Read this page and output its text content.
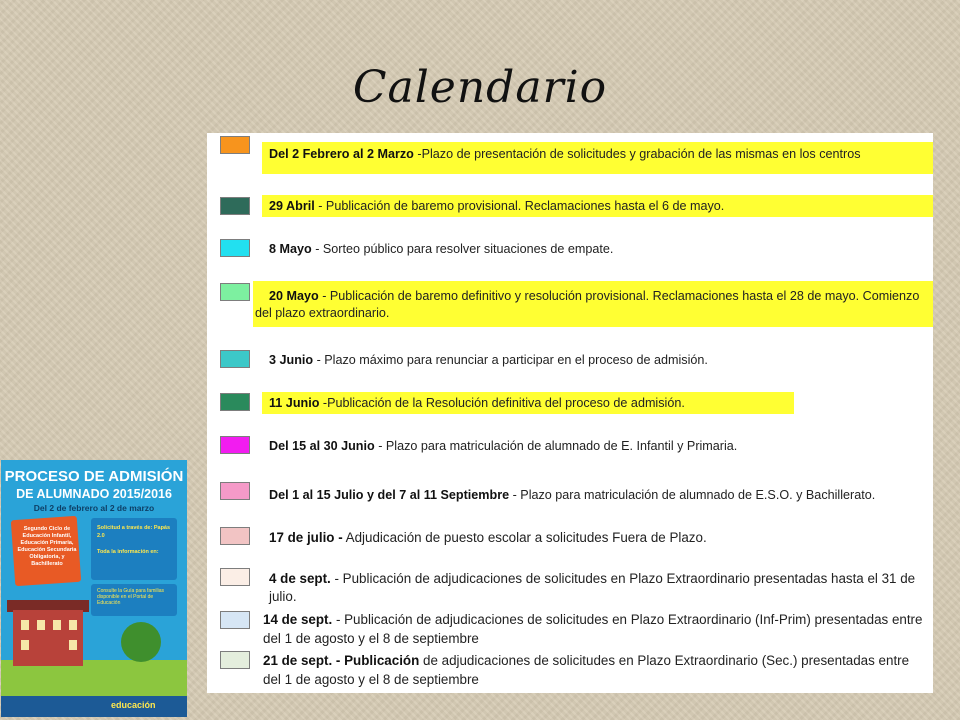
Calendario
Del 2 Febrero al 2 Marzo -Plazo de presentación de solicitudes y grabación de las mismas en los centros
29 Abril - Publicación de baremo provisional. Reclamaciones hasta el 6 de mayo.
8 Mayo - Sorteo público para resolver situaciones de empate.
20 Mayo - Publicación de baremo definitivo y resolución provisional. Reclamaciones hasta el 28 de mayo. Comienzo del plazo extraordinario.
3 Junio - Plazo máximo para renunciar a participar en el proceso de admisión.
11 Junio -Publicación de la Resolución definitiva del proceso de admisión.
Del 15 al 30 Junio - Plazo para matriculación de alumnado de E. Infantil y Primaria.
Del 1 al 15 Julio y del 7 al 11 Septiembre - Plazo para matriculación de alumnado de E.S.O. y Bachillerato.
17 de julio - Adjudicación de puesto escolar a solicitudes Fuera de Plazo.
4 de sept. - Publicación de adjudicaciones de solicitudes en Plazo Extraordinario presentadas hasta el 31 de julio.
14 de sept. - Publicación de adjudicaciones de solicitudes en Plazo Extraordinario (Inf-Prim) presentadas entre del 1 de agosto y el 8 de septiembre
21 de sept. - Publicación de adjudicaciones de solicitudes en Plazo Extraordinario (Sec.) presentadas entre del 1 de agosto y el 8 de septiembre
PROCESO DE ADMISIÓN
DE ALUMNADO 2015/2016
Del 2 de febrero al 2 de marzo
Segundo Ciclo de Educación Infantil, Educación Primaria, Educación Secundaria Obligatoria, y Bachillerato
Solicitud a través de: Papás 2.0
Toda la información en:
Consulte la Guía para familias disponible en el Portal de Educación
educación
